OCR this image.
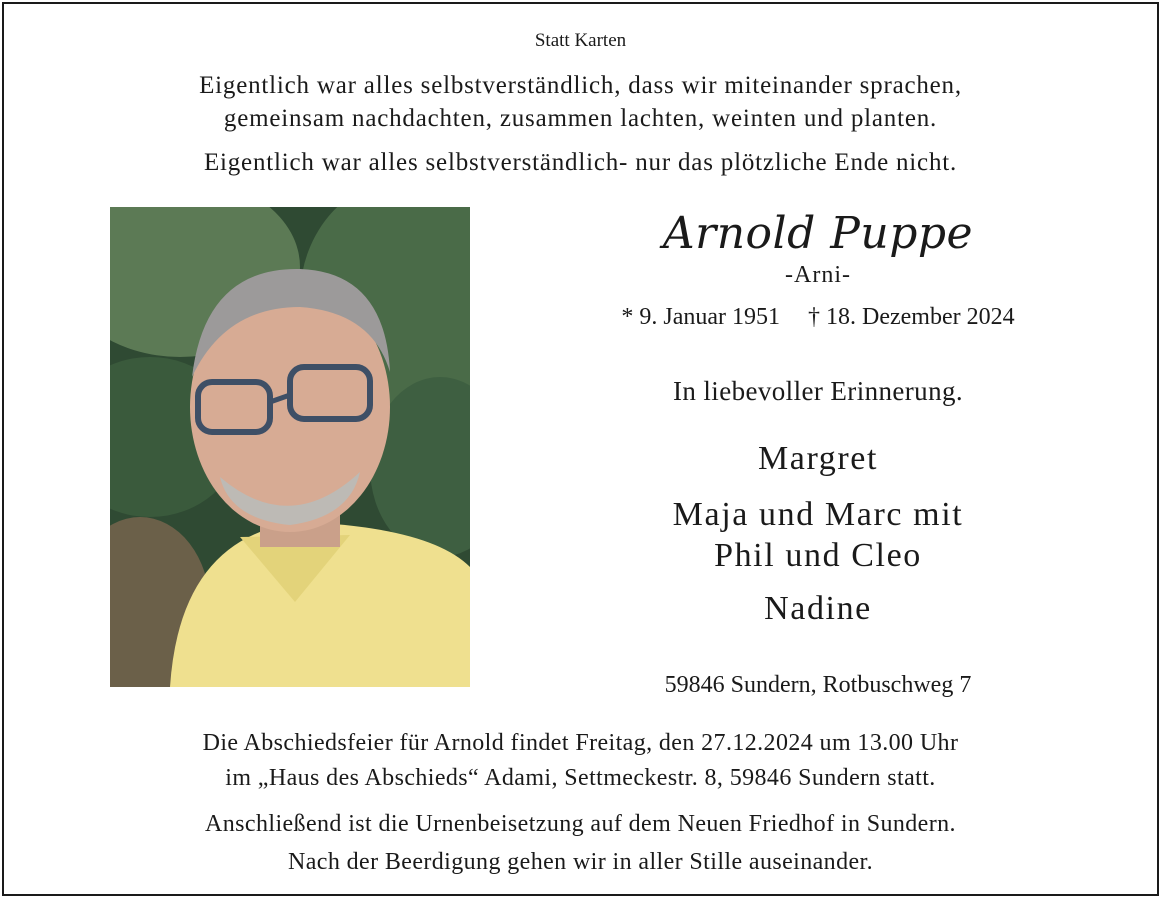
Statt Karten
Eigentlich war alles selbstverständlich, dass wir miteinander sprachen,
gemeinsam nachdachten, zusammen lachten, weinten und planten.
Eigentlich war alles selbstverständlich- nur das plötzliche Ende nicht.
Arnold Puppe
-Arni-
* 9. Januar 1951 † 18. Dezember 2024
In liebevoller Erinnerung.
Margret
Maja und Marc mit
Phil und Cleo
Nadine
59846 Sundern, Rotbuschweg 7
Die Abschiedsfeier für Arnold findet Freitag, den 27.12.2024 um 13.00 Uhr
im „Haus des Abschieds“ Adami, Settmeckestr. 8, 59846 Sundern statt.
Anschließend ist die Urnenbeisetzung auf dem Neuen Friedhof in Sundern.
Nach der Beerdigung gehen wir in aller Stille auseinander.
